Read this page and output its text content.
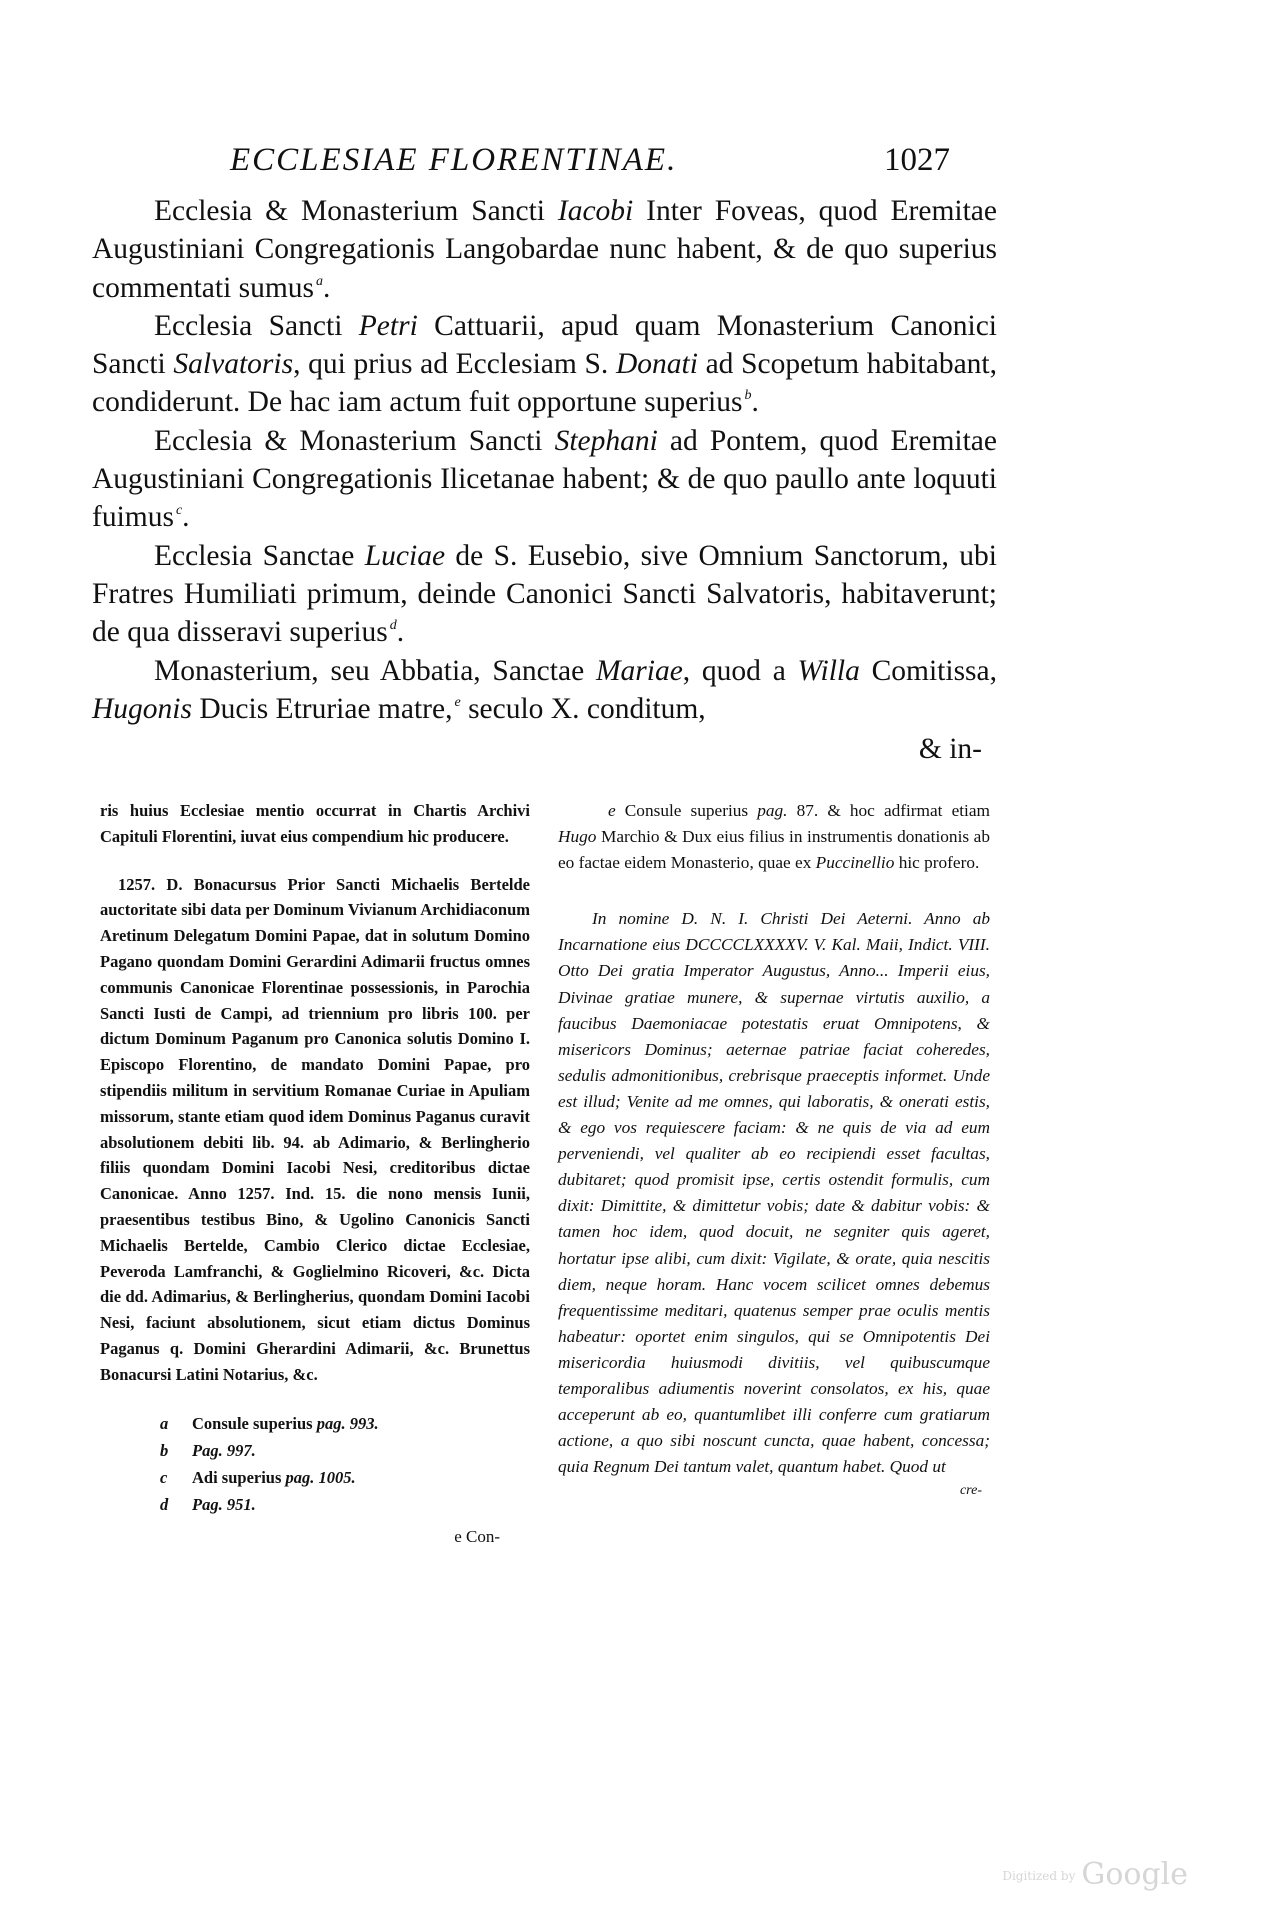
ECCLESIAE FLORENTINAE.	1027

Ecclesia & Monasterium Sancti Iacobi Inter Foveas, quod Eremitae Augustiniani Congregationis Langobardae nunc habent, & de quo superius commentati sumus $^a$.

Ecclesia Sancti Petri Cattuarii, apud quam Monasterium Canonici Sancti Salvatoris, qui prius ad Ecclesiam S. Donati ad Scopetum habitabant, condiderunt. De hac iam actum fuit opportune superius $^b$.

Ecclesia & Monasterium Sancti Stephani ad Pontem, quod Eremitae Augustiniani Congregationis Ilicetanae habent; & de quo paullo ante loquuti fuimus $^c$.

Ecclesia Sanctae Luciae de S. Eusebio, sive Omnium Sanctorum, ubi Fratres Humiliati primum, deinde Canonici Sancti Salvatoris, habitaverunt; de qua disseravi superius $^d$.

Monasterium, seu Abbatia, Sanctae Mariae, quod a Willa Comitissa, Hugonis Ducis Etruriae matre, $^e$ seculo X. conditum,

& in-

ris huius Ecclesiae mentio occurrat in Chartis Archivi Capituli Florentini, iuvat eius compendium hic producere.

1257. D. Bonacursus Prior Sancti Michaelis Bertelde auctoritate sibi data per Dominum Vivianum Archidiaconum Aretinum Delegatum Domini Papae, dat in solutum Domino Pagano quondam Domini Gerardini Adimarii fructus omnes communis Canonicae Florentinae possessionis, in Parochia Sancti Iusti de Campi, ad triennium pro libris 100. per dictum Dominum Paganum pro Canonica solutis Domino I. Episcopo Florentino, de mandato Domini Papae, pro stipendiis militum in servitium Romanae Curiae in Apuliam missorum, stante etiam quod idem Dominus Paganus curavit absolutionem debiti lib. 94. ab Adimario, & Berlingherio filiis quondam Domini Iacobi Nesi, creditoribus dictae Canonicae. Anno 1257. Ind. 15. die nono mensis Iunii, praesentibus testibus Bino, & Ugolino Canonicis Sancti Michaelis Bertelde, Cambio Clerico dictae Ecclesiae, Peveroda Lamfranchi, & Goglielmino Ricoveri, &c. Dicta die dd. Adimarius, & Berlingherius, quondam Domini Iacobi Nesi, faciunt absolutionem, sicut etiam dictus Dominus Paganus q. Domini Gherardini Adimarii, &c. Brunettus Bonacursi Latini Notarius, &c.

a Consule superius pag. 993.
b Pag. 997.
c Adi superius pag. 1005.
d Pag. 951.
e Con-

e Consule superius pag. 87. & hoc adfirmat etiam Hugo Marchio & Dux eius filius in instrumentis donationis ab eo factae eidem Monasterio, quae ex Puccinellio hic profero.

In nomine D. N. I. Christi Dei Aeterni. Anno ab Incarnatione eius DCCCCLXXXXV. V. Kal. Maii, Indict. VIII. Otto Dei gratia Imperator Augustus, Anno... Imperii eius, Divinae gratiae munere, & supernae virtutis auxilio, a faucibus Daemoniacae potestatis eruat Omnipotens, & misericors Dominus; aeternae patriae faciat coheredes, sedulis admonitionibus, crebrisque praeceptis informet. Unde est illud; Venite ad me omnes, qui laboratis, & onerati estis, & ego vos requiescere faciam: & ne quis de via ad eum perveniendi, vel qualiter ab eo recipiendi esset facultas, dubitaret; quod promisit ipse, certis ostendit formulis, cum dixit: Dimittite, & dimittetur vobis; date & dabitur vobis: & tamen hoc idem, quod docuit, ne segniter quis ageret, hortatur ipse alibi, cum dixit: Vigilate, & orate, quia nescitis diem, neque horam. Hanc vocem scilicet omnes debemus frequentissime meditari, quatenus semper prae oculis mentis habeatur: oportet enim singulos, qui se Omnipotentis Dei misericordia huiusmodi divitiis, vel quibuscumque temporalibus adiumentis noverint consolatos, ex his, quae acceperunt ab eo, quantumlibet illi conferre cum gratiarum actione, a quo sibi noscunt cuncta, quae habent, concessa; quia Regnum Dei tantum valet, quantum habet. Quod ut

cre-
Digitized by Google
